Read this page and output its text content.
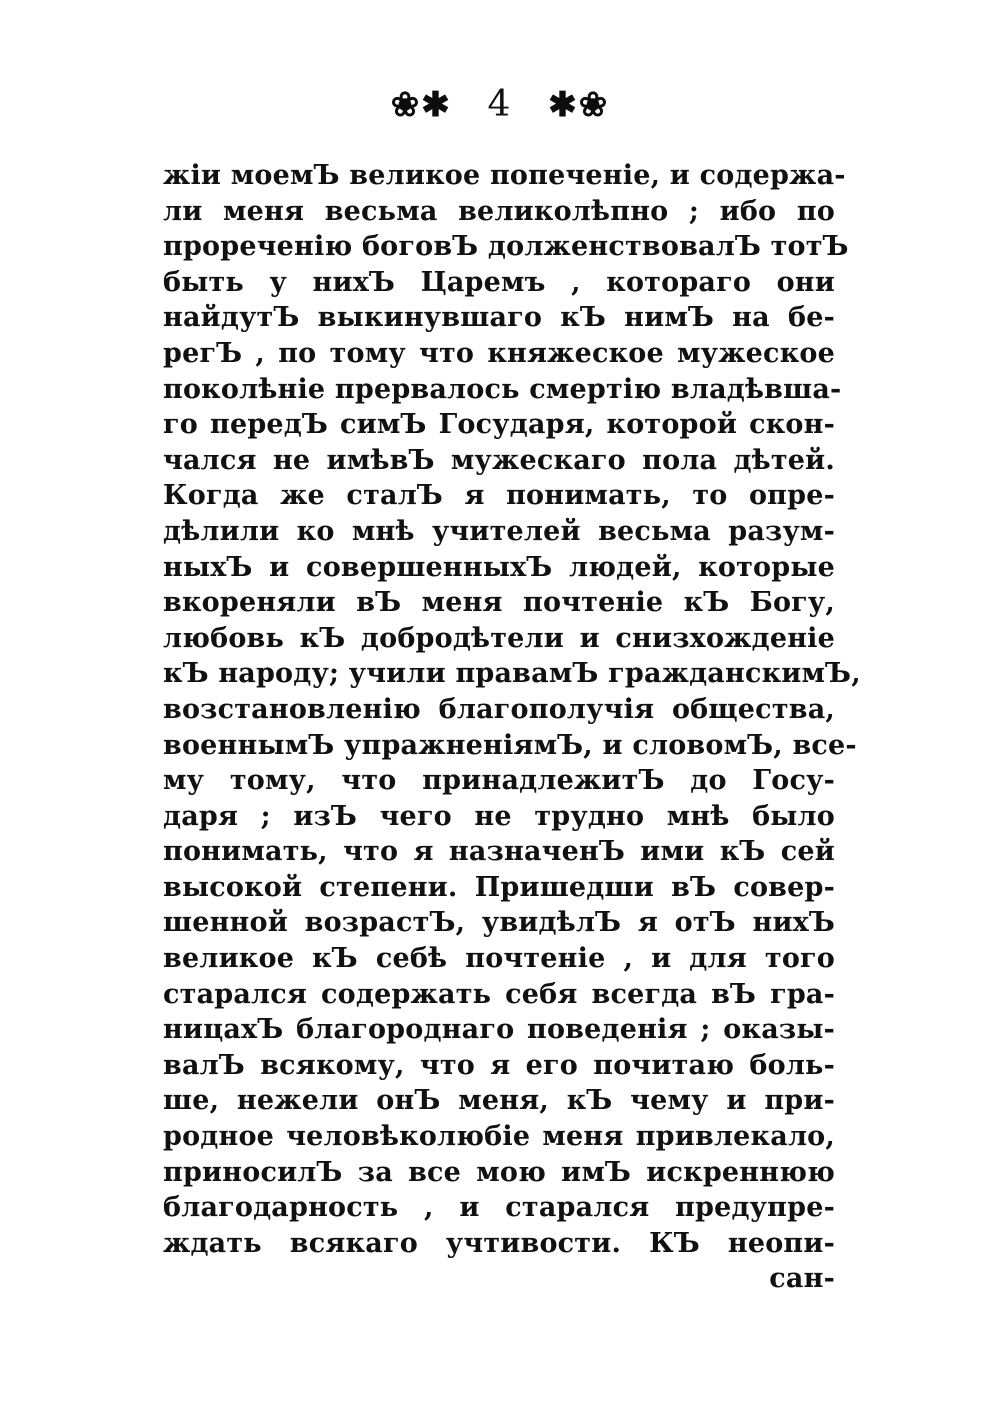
❀✱ 4 ✱❀
жіи моемЪ великое попеченіе, и содержа-
ли меня весьма великолѣпно ; ибо по
прореченію боговЪ долженствовалЪ тотЪ
быть у нихЪ Царемъ , котораго они
найдутЪ выкинувшаго кЪ нимЪ на бе-
регЪ , по тому что княжеское мужеское
поколѣніе прервалось смертію владѣвша-
го передЪ симЪ Государя, которой скон-
чался не имѣвЪ мужескаго пола дѣтей.
Когда же сталЪ я понимать, то опре-
дѣлили ко мнѣ учителей весьма разум-
ныхЪ и совершенныхЪ людей, которые
вкореняли вЪ меня почтеніе кЪ Богу,
любовь кЪ добродѣтели и снизхожденіе
кЪ народу; учили правамЪ гражданскимЪ,
возстановленію благополучія общества,
военнымЪ упражненіямЪ, и словомЪ, все-
му тому, что принадлежитЪ до Госу-
даря ; изЪ чего не трудно мнѣ было
понимать, что я назначенЪ ими кЪ сей
высокой степени. Пришедши вЪ совер-
шенной возрастЪ, увидѣлЪ я отЪ нихЪ
великое кЪ себѣ почтеніе , и для того
старался содержать себя всегда вЪ гра-
ницахЪ благороднаго поведенія ; оказы-
валЪ всякому, что я его почитаю боль-
ше, нежели онЪ меня, кЪ чему и при-
родное человѣколюбіе меня привлекало,
приносилЪ за все мою имЪ искреннюю
благодарность , и старался предупре-
ждать всякаго учтивости. КЪ неопи-
сан-
